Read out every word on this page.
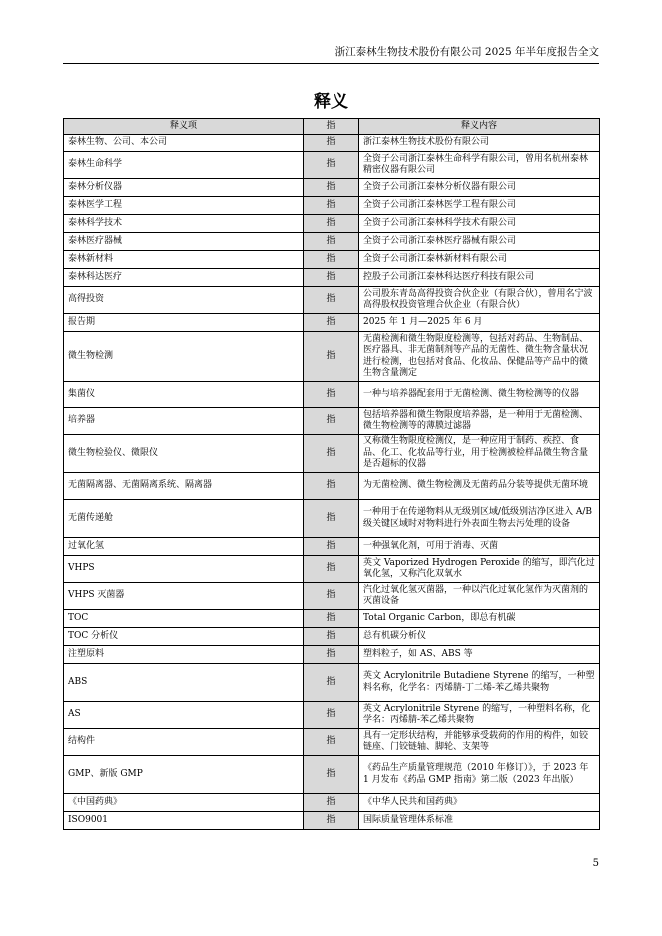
浙江泰林生物技术股份有限公司 2025 年半年度报告全文
释义
释义项	指	释义内容
泰林生物、公司、本公司	指	浙江泰林生物技术股份有限公司
泰林生命科学	指	全资子公司浙江泰林生命科学有限公司，曾用名杭州泰林精密仪器有限公司
泰林分析仪器	指	全资子公司浙江泰林分析仪器有限公司
泰林医学工程	指	全资子公司浙江泰林医学工程有限公司
泰林科学技术	指	全资子公司浙江泰林科学技术有限公司
泰林医疗器械	指	全资子公司浙江泰林医疗器械有限公司
泰林新材料	指	全资子公司浙江泰林新材料有限公司
泰林科达医疗	指	控股子公司浙江泰林科达医疗科技有限公司
高得投资	指	公司股东青岛高得投资合伙企业（有限合伙），曾用名宁波高得股权投资管理合伙企业（有限合伙）
报告期	指	2025 年 1 月—2025 年 6 月
微生物检测	指	无菌检测和微生物限度检测等，包括对药品、生物制品、医疗器具、非无菌制剂等产品的无菌性、微生物含量状况进行检测，也包括对食品、化妆品、保健品等产品中的微生物含量测定
集菌仪	指	一种与培养器配套用于无菌检测、微生物检测等的仪器
培养器	指	包括培养器和微生物限度培养器，是一种用于无菌检测、微生物检测等的薄膜过滤器
微生物检验仪、微限仪	指	又称微生物限度检测仪，是一种应用于制药、疾控、食品、化工、化妆品等行业，用于检测被检样品微生物含量是否超标的仪器
无菌隔离器、无菌隔离系统、隔离器	指	为无菌检测、微生物检测及无菌药品分装等提供无菌环境
无菌传递舱	指	一种用于在传递物料从无级别区域/低级别洁净区进入 A/B 级关键区域时对物料进行外表面生物去污处理的设备
过氧化氢	指	一种强氧化剂，可用于消毒、灭菌
VHPS	指	英文 Vaporized Hydrogen Peroxide 的缩写，即汽化过氧化氢，又称汽化双氧水
VHPS 灭菌器	指	汽化过氧化氢灭菌器，一种以汽化过氧化氢作为灭菌剂的灭菌设备
TOC	指	Total Organic Carbon，即总有机碳
TOC 分析仪	指	总有机碳分析仪
注塑原料	指	塑料粒子，如 AS、ABS 等
ABS	指	英文 Acrylonitrile Butadiene Styrene 的缩写，一种塑料名称，化学名：丙烯腈-丁二烯-苯乙烯共聚物
AS	指	英文 Acrylonitrile Styrene 的缩写，一种塑料名称，化学名：丙烯腈-苯乙烯共聚物
结构件	指	具有一定形状结构，并能够承受载荷的作用的构件，如铰链座、门铰链轴、脚轮、支架等
GMP、新版 GMP	指	《药品生产质量管理规范（2010 年修订）》，于 2023 年 1 月发布《药品 GMP 指南》第二版（2023 年出版）
《中国药典》	指	《中华人民共和国药典》
ISO9001	指	国际质量管理体系标准
5
